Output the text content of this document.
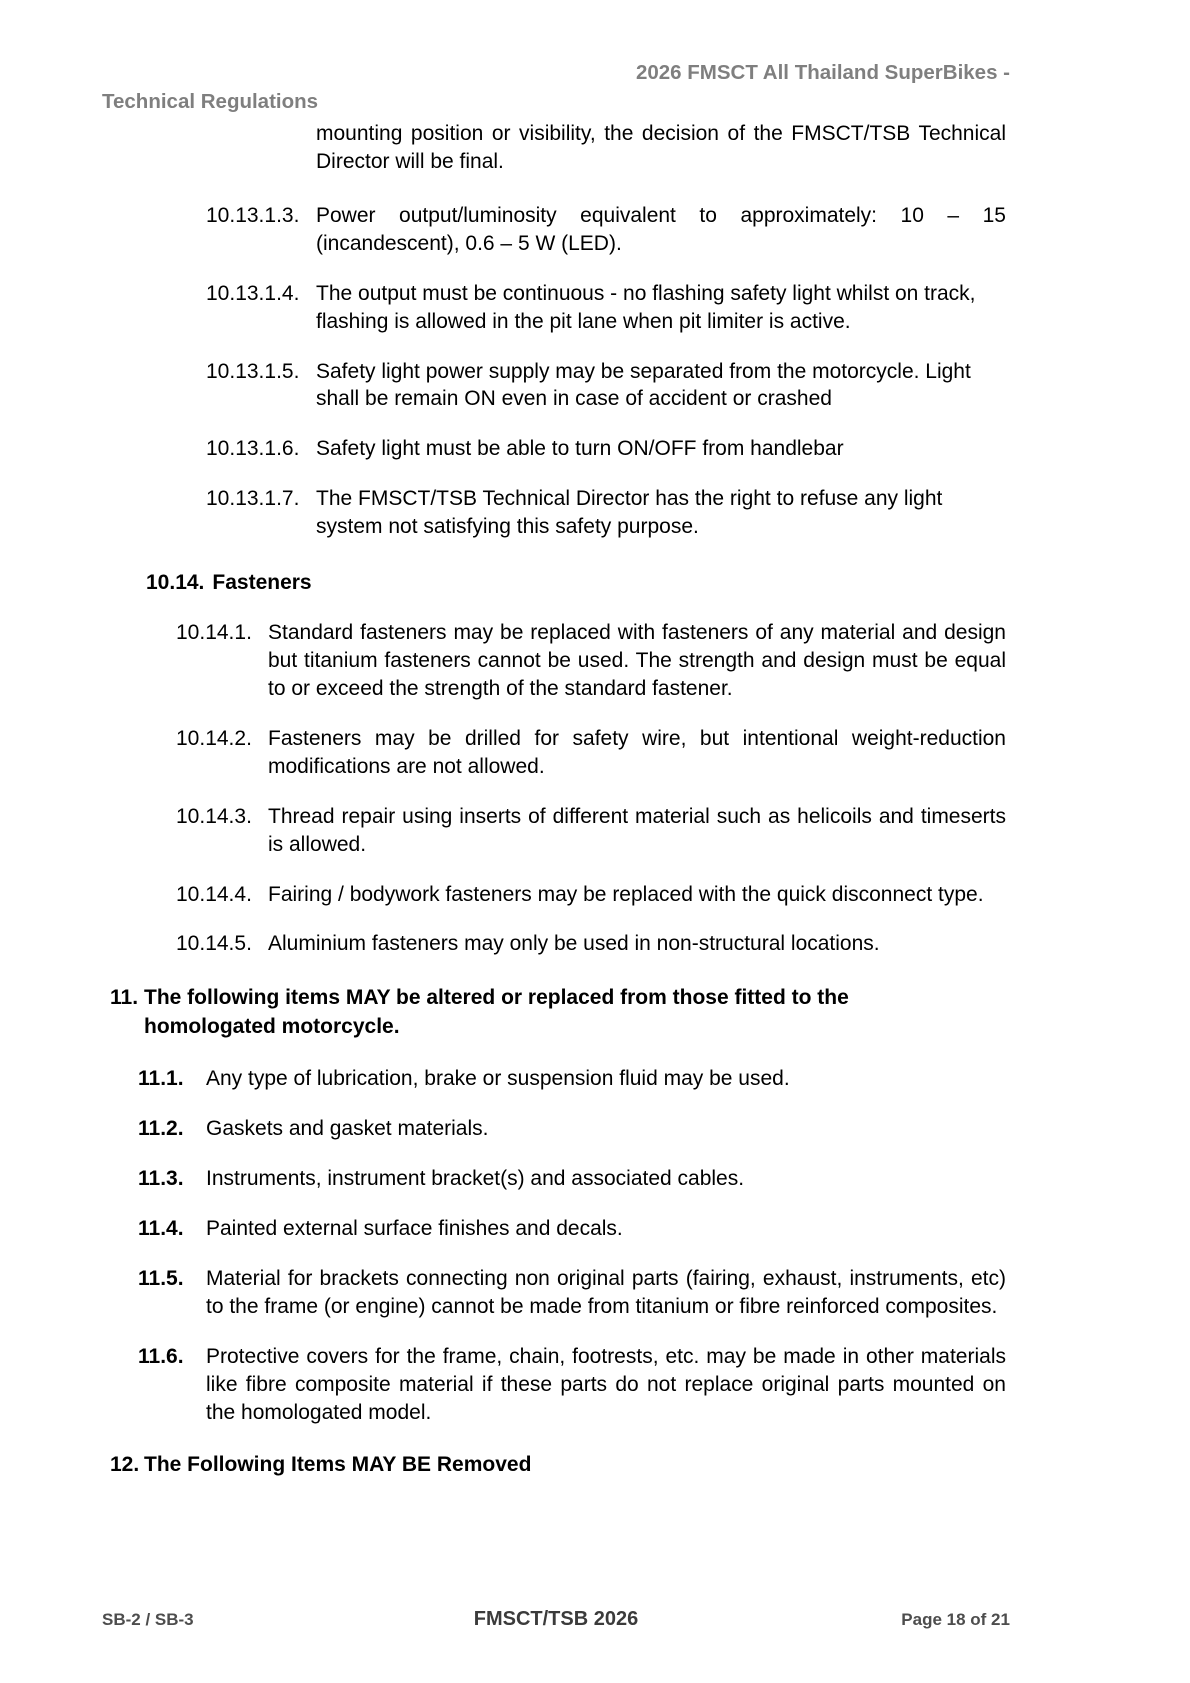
2026 FMSCT All Thailand SuperBikes -
Technical Regulations
mounting position or visibility, the decision of the FMSCT/TSB Technical Director will be final.
10.13.1.3. Power output/luminosity equivalent to approximately: 10 – 15 (incandescent), 0.6 – 5 W (LED).
10.13.1.4. The output must be continuous - no flashing safety light whilst on track, flashing is allowed in the pit lane when pit limiter is active.
10.13.1.5. Safety light power supply may be separated from the motorcycle. Light shall be remain ON even in case of accident or crashed
10.13.1.6. Safety light must be able to turn ON/OFF from handlebar
10.13.1.7. The FMSCT/TSB Technical Director has the right to refuse any light system not satisfying this safety purpose.
10.14. Fasteners
10.14.1. Standard fasteners may be replaced with fasteners of any material and design but titanium fasteners cannot be used. The strength and design must be equal to or exceed the strength of the standard fastener.
10.14.2. Fasteners may be drilled for safety wire, but intentional weight-reduction modifications are not allowed.
10.14.3. Thread repair using inserts of different material such as helicoils and timeserts is allowed.
10.14.4. Fairing / bodywork fasteners may be replaced with the quick disconnect type.
10.14.5. Aluminium fasteners may only be used in non-structural locations.
11. The following items MAY be altered or replaced from those fitted to the homologated motorcycle.
11.1.	Any type of lubrication, brake or suspension fluid may be used.
11.2.	Gaskets and gasket materials.
11.3.	Instruments, instrument bracket(s) and associated cables.
11.4.	Painted external surface finishes and decals.
11.5.	Material for brackets connecting non original parts (fairing, exhaust, instruments, etc) to the frame (or engine) cannot be made from titanium or fibre reinforced composites.
11.6.	Protective covers for the frame, chain, footrests, etc. may be made in other materials like fibre composite material if these parts do not replace original parts mounted on the homologated model.
12. The Following Items MAY BE Removed
SB-2 / SB-3	FMSCT/TSB 2026	Page 18 of 21
